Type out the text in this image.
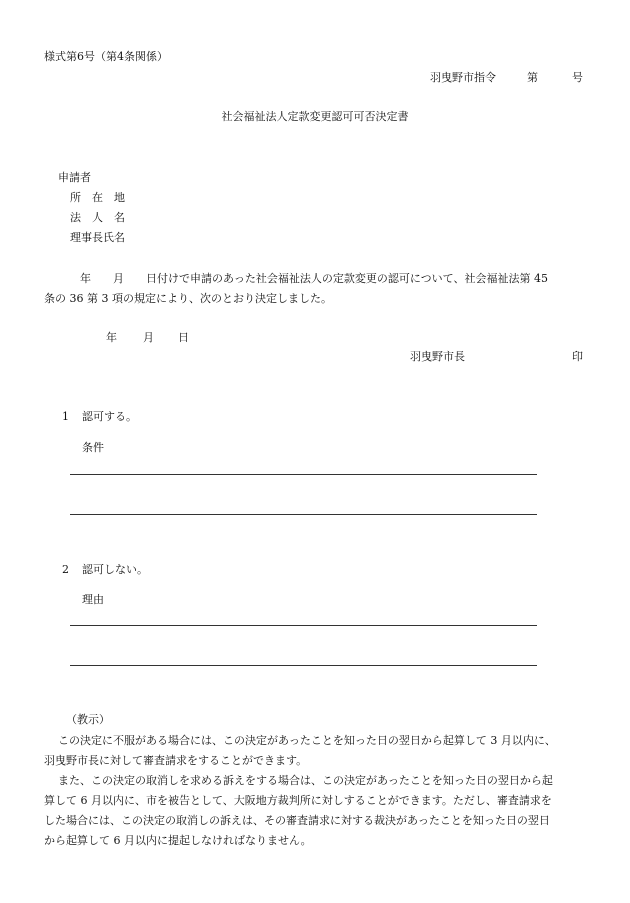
様式第6号（第4条関係）
羽曳野市指令	第	号
社会福祉法人定款変更認可可否決定書
申請者
所　在　地
法　人　名
理事長氏名
年　　月　　日付けで申請のあった社会福祉法人の定款変更の認可について、社会福祉法第 45
条の 36 第 3 項の規定により、次のとおり決定しました。
年 月 日
羽曳野市長	印
1 認可する。
条件
2 認可しない。
理由
（教示）
この決定に不服がある場合には、この決定があったことを知った日の翌日から起算して 3 月以内に、
羽曳野市長に対して審査請求をすることができます。
また、この決定の取消しを求める訴えをする場合は、この決定があったことを知った日の翌日から起
算して 6 月以内に、市を被告として、大阪地方裁判所に対しすることができます。ただし、審査請求を
した場合には、この決定の取消しの訴えは、その審査請求に対する裁決があったことを知った日の翌日
から起算して 6 月以内に提起しなければなりません。
